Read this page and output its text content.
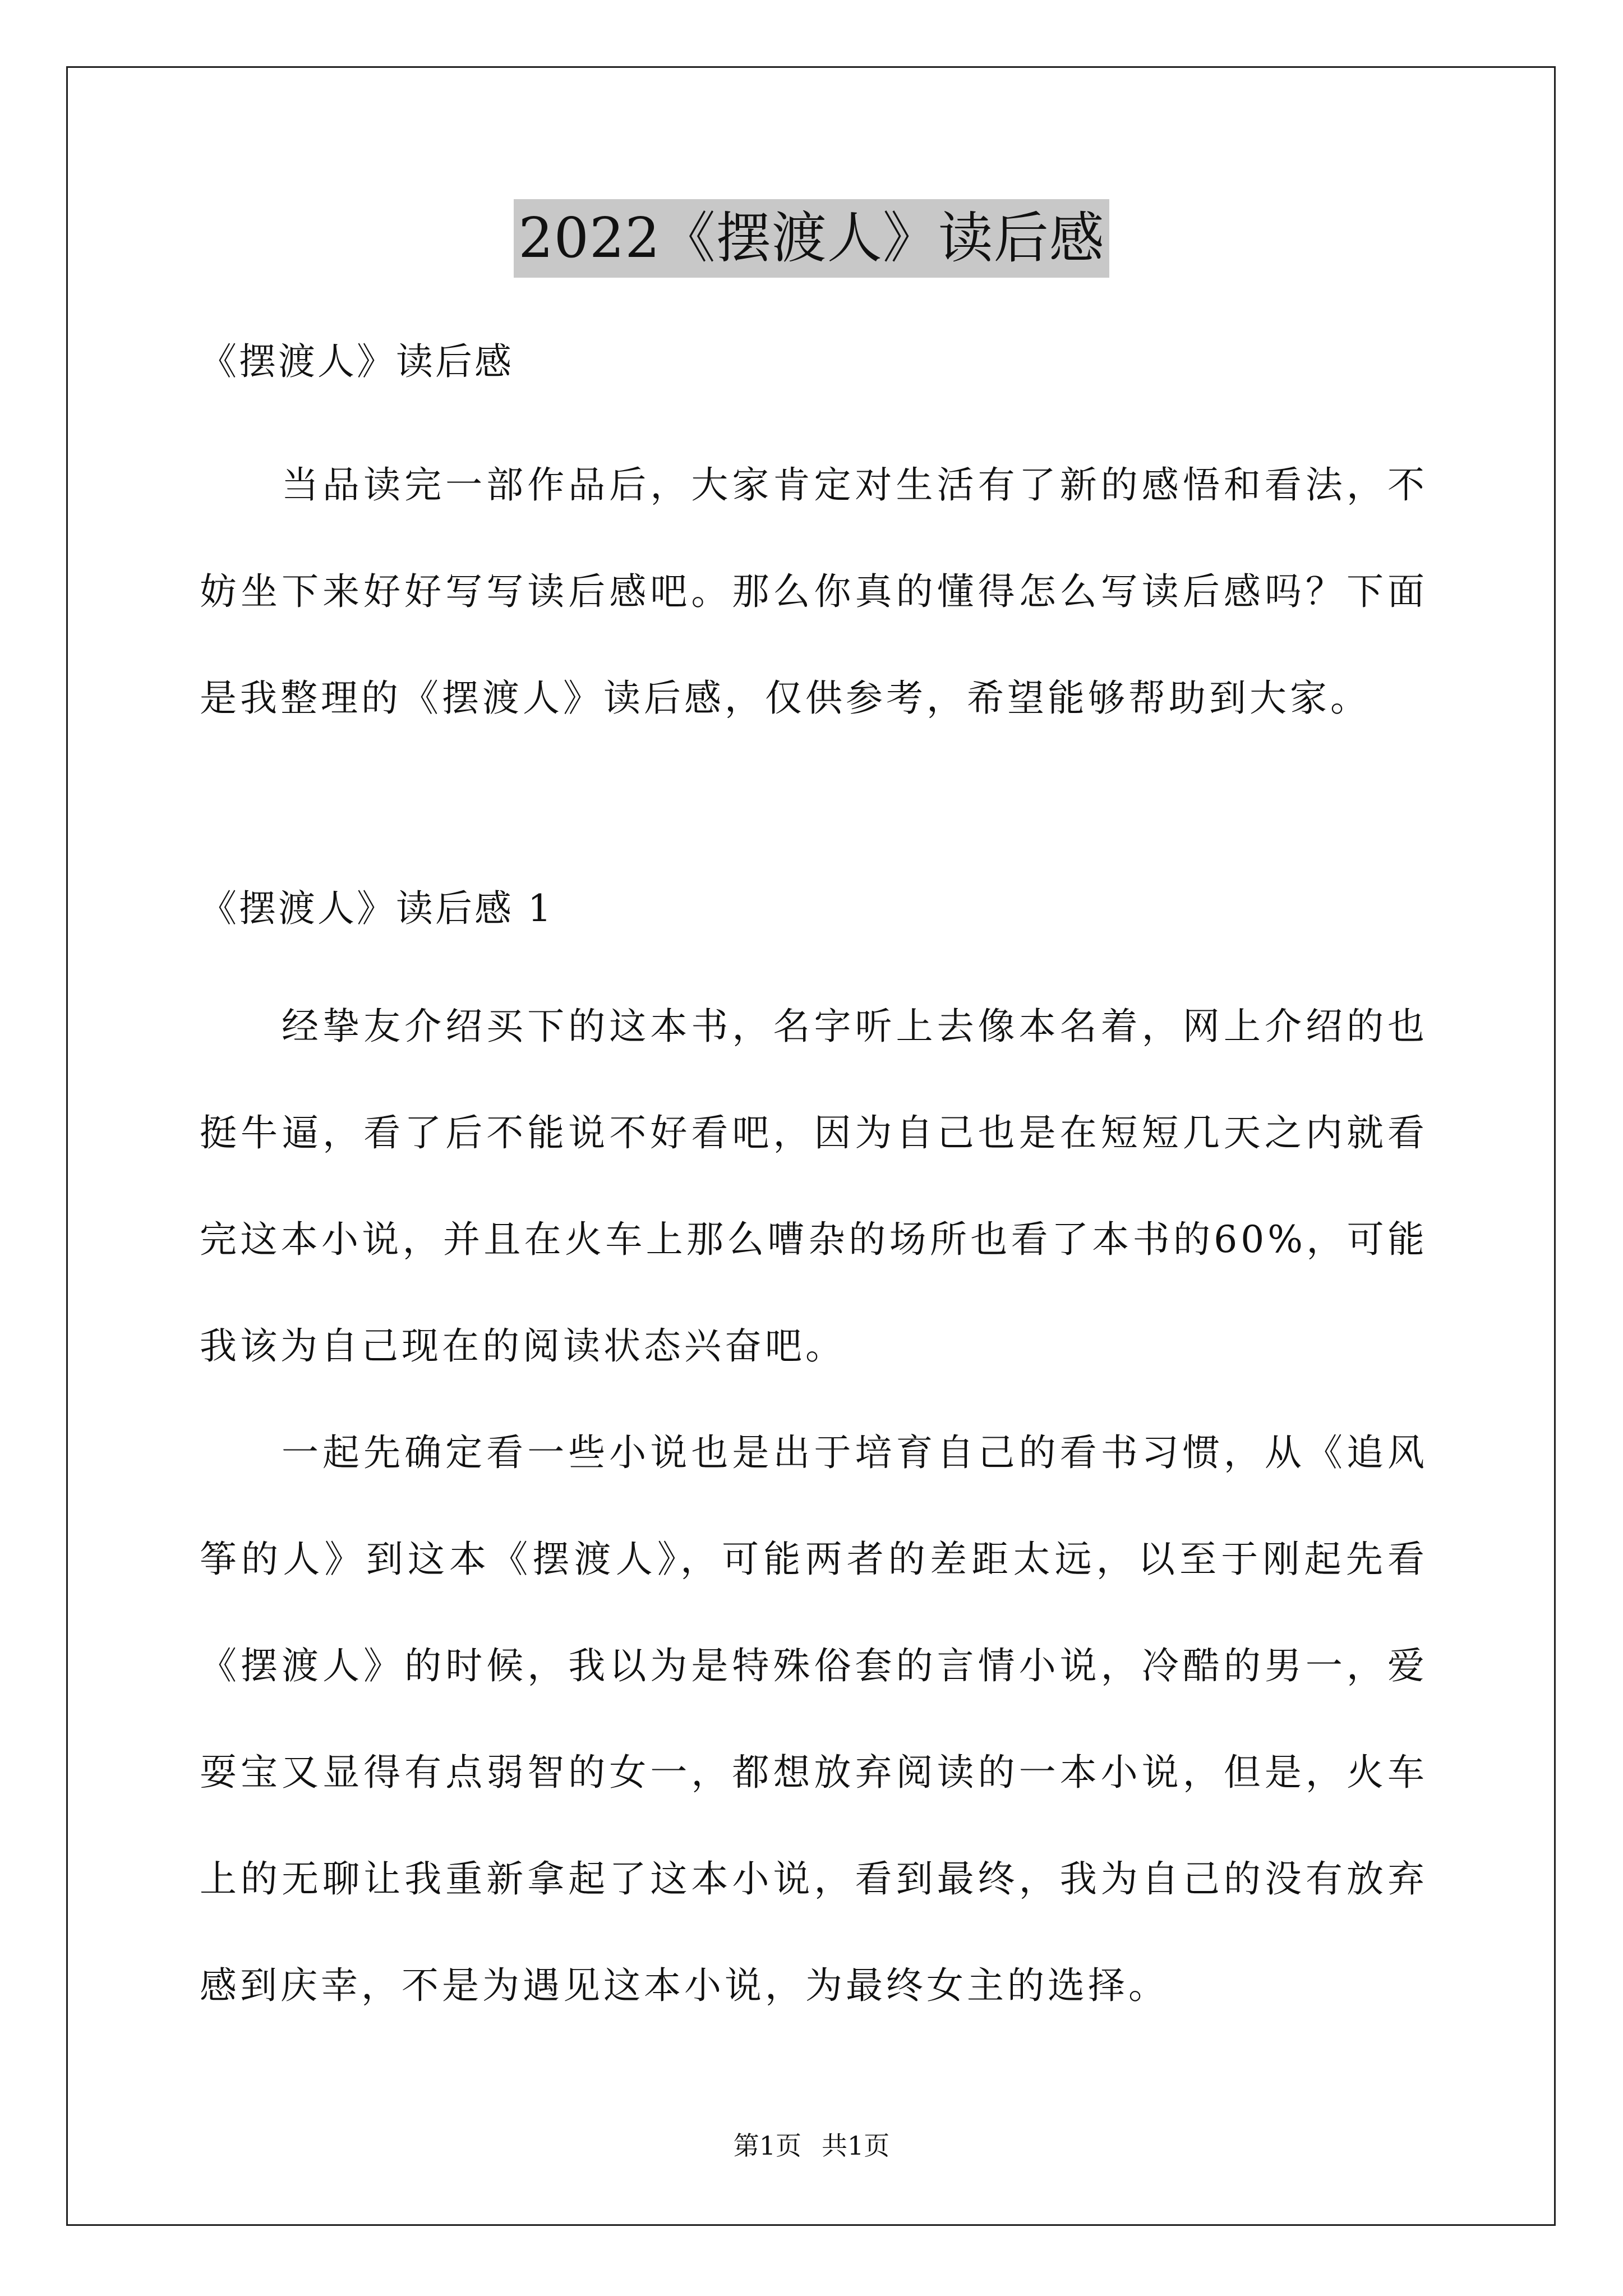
2022《摆渡人》读后感
《摆渡人》读后感
当品读完一部作品后，大家肯定对生活有了新的感悟和看法，不妨坐下来好好写写读后感吧。那么你真的懂得怎么写读后感吗？下面是我整理的《摆渡人》读后感，仅供参考，希望能够帮助到大家。
《摆渡人》读后感 1
经挚友介绍买下的这本书，名字听上去像本名着，网上介绍的也挺牛逼，看了后不能说不好看吧，因为自己也是在短短几天之内就看完这本小说，并且在火车上那么嘈杂的场所也看了本书的60%，可能我该为自己现在的阅读状态兴奋吧。
一起先确定看一些小说也是出于培育自己的看书习惯，从《追风筝的人》到这本《摆渡人》，可能两者的差距太远，以至于刚起先看《摆渡人》的时候，我以为是特殊俗套的言情小说，冷酷的男一，爱耍宝又显得有点弱智的女一，都想放弃阅读的一本小说，但是，火车上的无聊让我重新拿起了这本小说，看到最终，我为自己的没有放弃感到庆幸，不是为遇见这本小说，为最终女主的选择。
第1页 共1页
